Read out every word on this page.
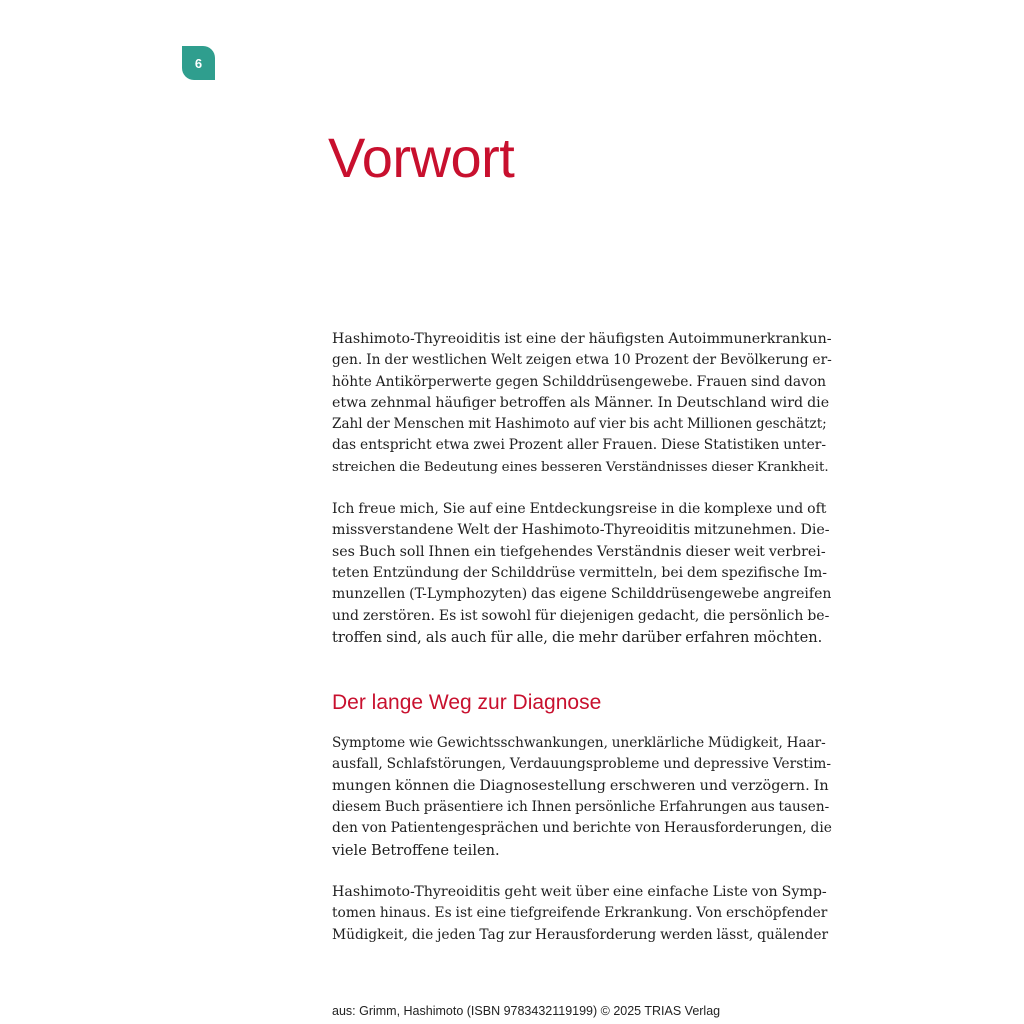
6
Vorwort

Hashimoto-Thyreoiditis ist eine der häufigsten Autoimmunerkrankun-
gen. In der westlichen Welt zeigen etwa 10 Prozent der Bevölkerung er-
höhte Antikörperwerte gegen Schilddrüsengewebe. Frauen sind davon
etwa zehnmal häufiger betroffen als Männer. In Deutschland wird die
Zahl der Menschen mit Hashimoto auf vier bis acht Millionen geschätzt;
das entspricht etwa zwei Prozent aller Frauen. Diese Statistiken unter-
streichen die Bedeutung eines besseren Verständnisses dieser Krankheit.

Ich freue mich, Sie auf eine Entdeckungsreise in die komplexe und oft
missverstandene Welt der Hashimoto-Thyreoiditis mitzunehmen. Die-
ses Buch soll Ihnen ein tiefgehendes Verständnis dieser weit verbrei-
teten Entzündung der Schilddrüse vermitteln, bei dem spezifische Im-
munzellen (T-Lymphozyten) das eigene Schilddrüsengewebe angreifen
und zerstören. Es ist sowohl für diejenigen gedacht, die persönlich be-
troffen sind, als auch für alle, die mehr darüber erfahren möchten.

Der lange Weg zur Diagnose

Symptome wie Gewichtsschwankungen, unerklärliche Müdigkeit, Haar-
ausfall, Schlafstörungen, Verdauungsprobleme und depressive Verstim-
mungen können die Diagnosestellung erschweren und verzögern. In
diesem Buch präsentiere ich Ihnen persönliche Erfahrungen aus tausen-
den von Patientengesprächen und berichte von Herausforderungen, die
viele Betroffene teilen.

Hashimoto-Thyreoiditis geht weit über eine einfache Liste von Symp-
tomen hinaus. Es ist eine tiefgreifende Erkrankung. Von erschöpfender
Müdigkeit, die jeden Tag zur Herausforderung werden lässt, quälender

aus: Grimm, Hashimoto (ISBN 9783432119199) © 2025 TRIAS Verlag
